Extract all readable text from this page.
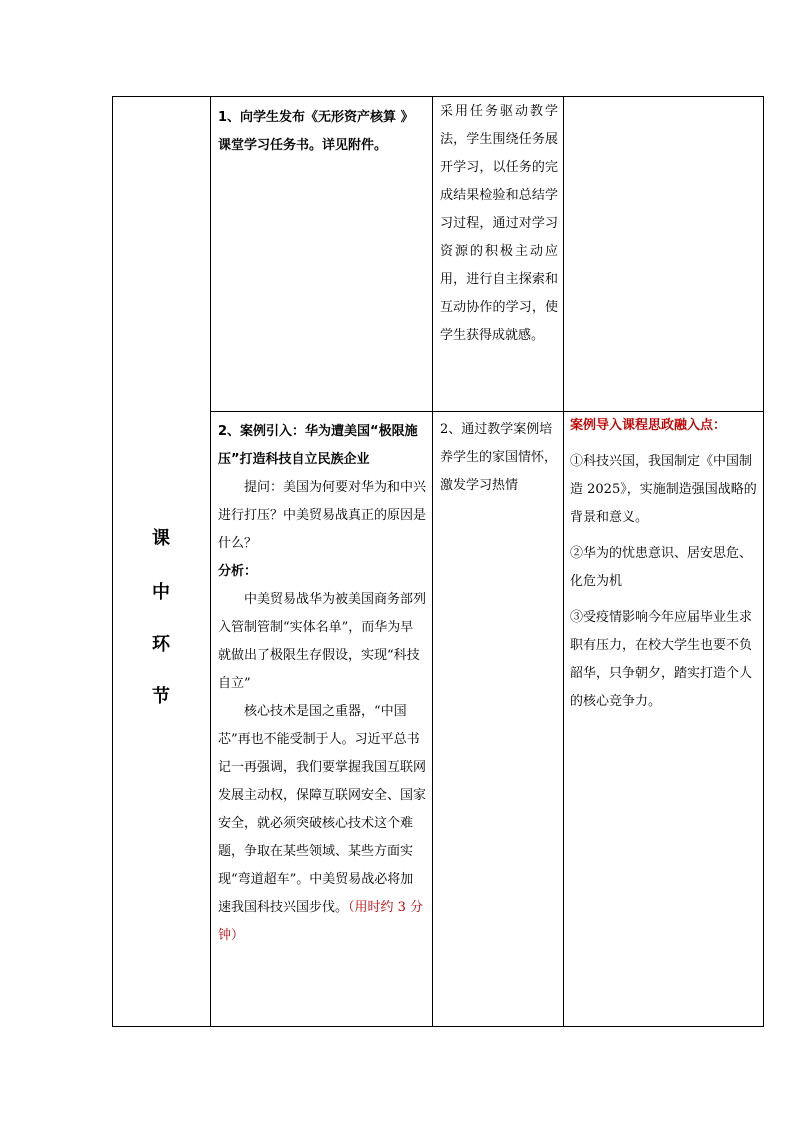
课
中
环
节

1、向学生发布《无形资产核算 》课堂学习任务书。详见附件。

采用任务驱动教学法，学生围绕任务展开学习，以任务的完成结果检验和总结学习过程，通过对学习资源的积极主动应用，进行自主探索和互动协作的学习，使学生获得成就感。

2、案例引入：华为遭美国“极限施压”打造科技自立民族企业

提问：美国为何要对华为和中兴进行打压？中美贸易战真正的原因是什么？

分析：

中美贸易战华为被美国商务部列入管制管制“实体名单”，而华为早就做出了极限生存假设，实现“科技自立”

核心技术是国之重器，“中国芯”再也不能受制于人。习近平总书记一再强调，我们要掌握我国互联网发展主动权，保障互联网安全、国家安全，就必须突破核心技术这个难题，争取在某些领域、某些方面实现“弯道超车”。中美贸易战必将加速我国科技兴国步伐。（用时约 3 分钟）

2、通过教学案例培养学生的家国情怀，激发学习热情

案例导入课程思政融入点：

①科技兴国，我国制定《中国制造 2025》，实施制造强国战略的背景和意义。

②华为的忧患意识、居安思危、化危为机

③受疫情影响今年应届毕业生求职有压力，在校大学生也要不负韶华，只争朝夕，踏实打造个人的核心竞争力。
